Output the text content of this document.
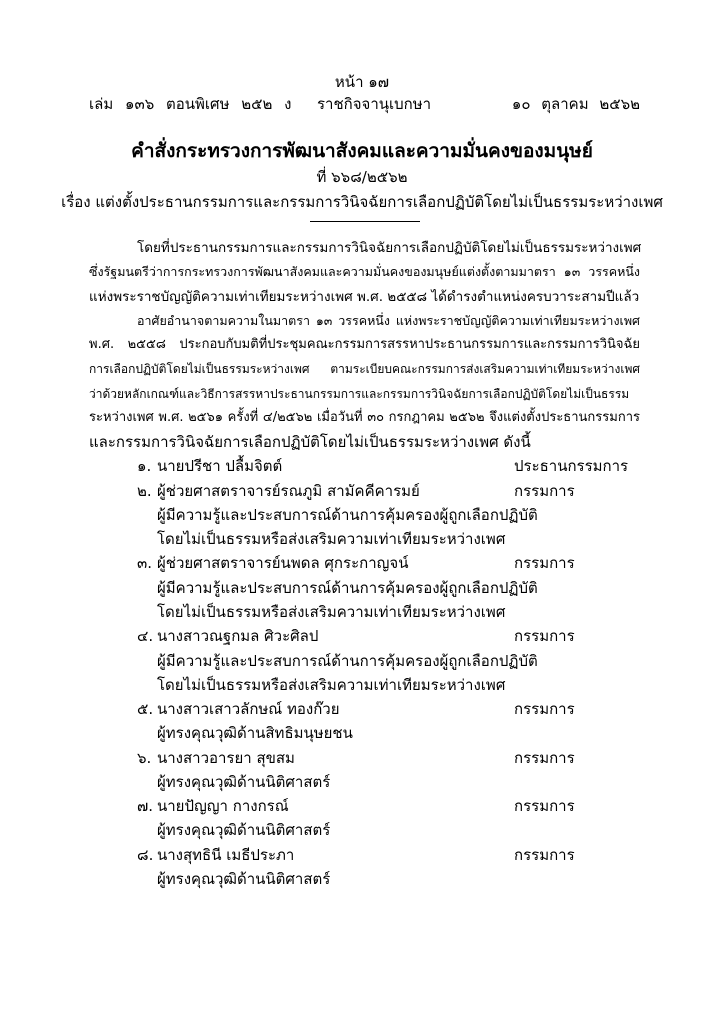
หน้า ๑๗
เล่ม ๑๓๖ ตอนพิเศษ ๒๕๒ ง ราชกิจจานุเบกษา	๑๐ ตุลาคม ๒๕๖๒
คำสั่งกระทรวงการพัฒนาสังคมและความมั่นคงของมนุษย์
ที่ ๖๖๘/๒๕๖๒
เรื่อง แต่งตั้งประธานกรรมการและกรรมการวินิจฉัยการเลือกปฏิบัติโดยไม่เป็นธรรมระหว่างเพศ
โดยที่ประธานกรรมการและกรรมการวินิจฉัยการเลือกปฏิบัติโดยไม่เป็นธรรมระหว่างเพศ
ซึ่งรัฐมนตรีว่าการกระทรวงการพัฒนาสังคมและความมั่นคงของมนุษย์แต่งตั้งตามมาตรา ๑๓ วรรคหนึ่ง
แห่งพระราชบัญญัติความเท่าเทียมระหว่างเพศ พ.ศ. ๒๕๕๘ ได้ดำรงตำแหน่งครบวาระสามปีแล้ว
อาศัยอำนาจตามความในมาตรา ๑๓ วรรคหนึ่ง แห่งพระราชบัญญัติความเท่าเทียมระหว่างเพศ
พ.ศ. ๒๕๕๘ ประกอบกับมติที่ประชุมคณะกรรมการสรรหาประธานกรรมการและกรรมการวินิจฉัย
การเลือกปฏิบัติโดยไม่เป็นธรรมระหว่างเพศ ตามระเบียบคณะกรรมการส่งเสริมความเท่าเทียมระหว่างเพศ
ว่าด้วยหลักเกณฑ์และวิธีการสรรหาประธานกรรมการและกรรมการวินิจฉัยการเลือกปฏิบัติโดยไม่เป็นธรรม
ระหว่างเพศ พ.ศ. ๒๕๖๑ ครั้งที่ ๔/๒๕๖๒ เมื่อวันที่ ๓๐ กรกฎาคม ๒๕๖๒ จึงแต่งตั้งประธานกรรมการ
และกรรมการวินิจฉัยการเลือกปฏิบัติโดยไม่เป็นธรรมระหว่างเพศ ดังนี้
๑. นายปรีชา ปลื้มจิตต์	ประธานกรรมการ
๒. ผู้ช่วยศาสตราจารย์รณภูมิ สามัคคีคารมย์	กรรมการ
ผู้มีความรู้และประสบการณ์ด้านการคุ้มครองผู้ถูกเลือกปฏิบัติ
โดยไม่เป็นธรรมหรือส่งเสริมความเท่าเทียมระหว่างเพศ
๓. ผู้ช่วยศาสตราจารย์นพดล ศุกระกาญจน์	กรรมการ
ผู้มีความรู้และประสบการณ์ด้านการคุ้มครองผู้ถูกเลือกปฏิบัติ
โดยไม่เป็นธรรมหรือส่งเสริมความเท่าเทียมระหว่างเพศ
๔. นางสาวณฐกมล ศิวะศิลป	กรรมการ
ผู้มีความรู้และประสบการณ์ด้านการคุ้มครองผู้ถูกเลือกปฏิบัติ
โดยไม่เป็นธรรมหรือส่งเสริมความเท่าเทียมระหว่างเพศ
๕. นางสาวเสาวลักษณ์ ทองก๊วย	กรรมการ
ผู้ทรงคุณวุฒิด้านสิทธิมนุษยชน
๖. นางสาวอารยา สุขสม	กรรมการ
ผู้ทรงคุณวุฒิด้านนิติศาสตร์
๗. นายปัญญา กางกรณ์	กรรมการ
ผู้ทรงคุณวุฒิด้านนิติศาสตร์
๘. นางสุทธินี เมธีประภา	กรรมการ
ผู้ทรงคุณวุฒิด้านนิติศาสตร์
